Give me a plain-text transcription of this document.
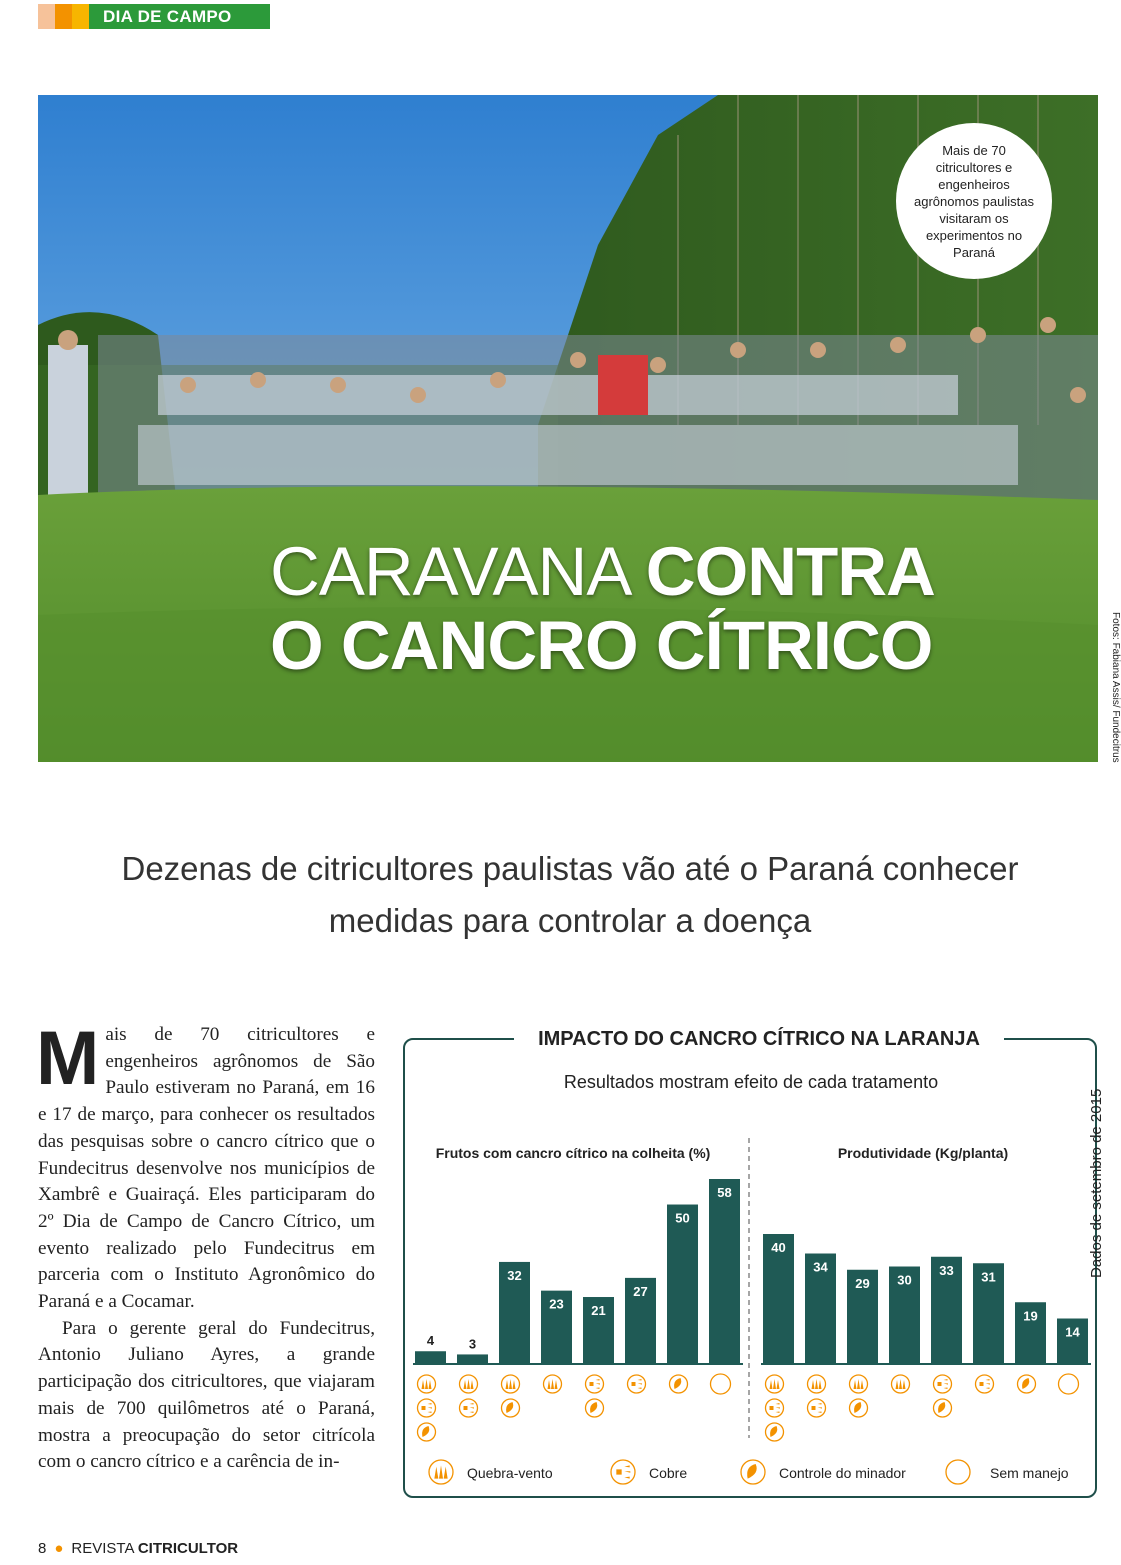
DIA DE CAMPO
Mais de 70 citricultores e engenheiros agrônomos paulistas visitaram os experimentos no Paraná
CARAVANA CONTRA
O CANCRO CÍTRICO	Fotos: Fabiana Assis/ Fundecitrus
Dezenas de citricultores paulistas vão até o Paraná conhecer medidas para controlar a doença

Mais de 70 citricultores e engenheiros agrônomos de São Paulo estiveram no Paraná, em 16 e 17 de março, para conhecer os resultados das pesquisas sobre o cancro cítrico que o Fundecitrus desenvolve nos municípios de Xambrê e Guairaçá. Eles participaram do 2º Dia de Campo de Cancro Cítrico, um evento realizado pelo Fundecitrus em parceria com o Instituto Agronômico do Paraná e a Cocamar.

Para o gerente geral do Fundecitrus, Antonio Juliano Ayres, a grande participação dos citricultores, que viajaram mais de 700 quilômetros até o Paraná, mostra a preocupação do setor citrícola com o cancro cítrico e a carência de in-

IMPACTO DO CANCRO CÍTRICO NA LARANJA
Resultados mostram efeito de cada tratamento
Dados de setembro de 2015
Frutos com cancro cítrico na colheita (%)
4	3
32
23 21
27
50
58
Produtividade (Kg/planta)
40
34
29 30
33 31
19
14
Quebra-vento	Cobre	Controle do minador	Sem manejo
8 ● REVISTA CITRICULTOR
